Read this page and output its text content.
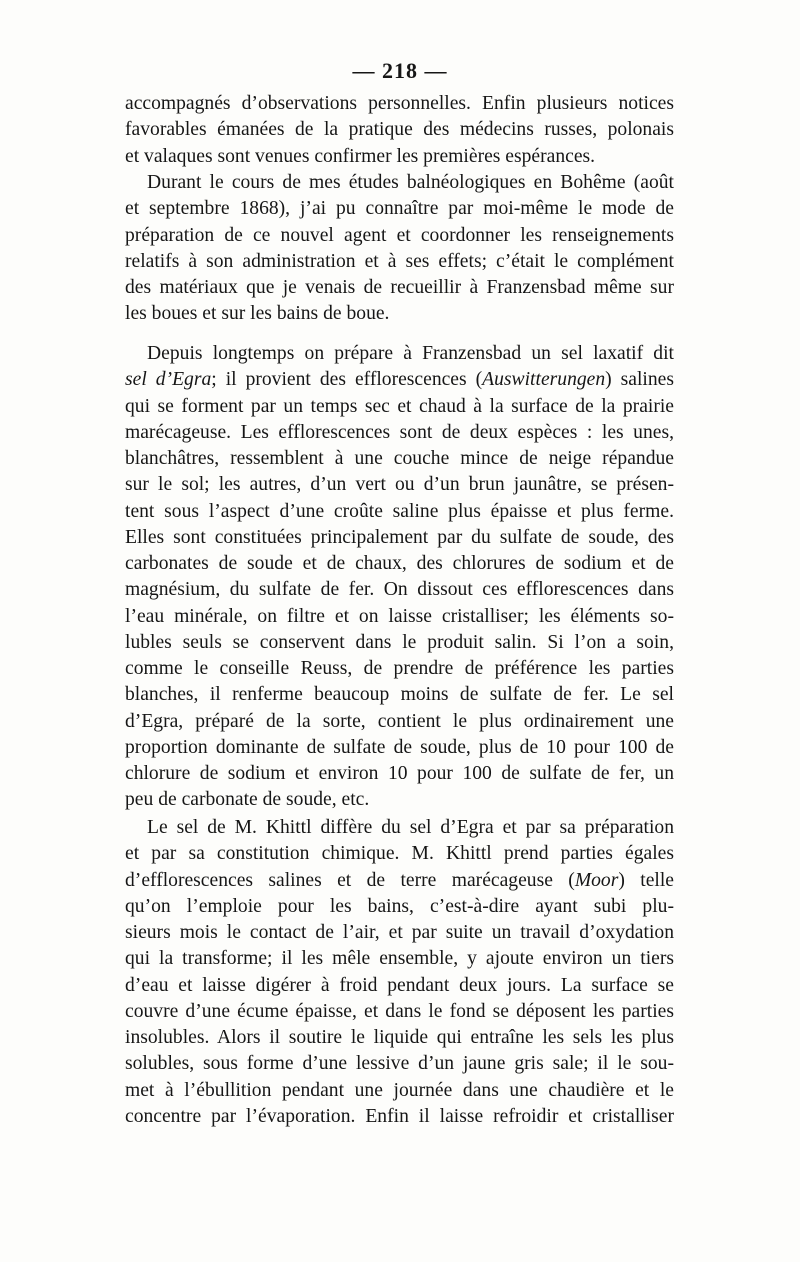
— 218 —
accompagnés d’observations personnelles. Enfin plusieurs notices
favorables émanées de la pratique des médecins russes, polonais
et valaques sont venues confirmer les premières espérances.
Durant le cours de mes études balnéologiques en Bohême (août
et septembre 1868), j’ai pu connaître par moi-même le mode de
préparation de ce nouvel agent et coordonner les renseignements
relatifs à son administration et à ses effets; c’était le complément
des matériaux que je venais de recueillir à Franzensbad même sur
les boues et sur les bains de boue.
Depuis longtemps on prépare à Franzensbad un sel laxatif dit
sel d’Egra; il provient des efflorescences (Auswitterungen) salines
qui se forment par un temps sec et chaud à la surface de la prairie
marécageuse. Les efflorescences sont de deux espèces : les unes,
blanchâtres, ressemblent à une couche mince de neige répandue
sur le sol; les autres, d’un vert ou d’un brun jaunâtre, se présen-
tent sous l’aspect d’une croûte saline plus épaisse et plus ferme.
Elles sont constituées principalement par du sulfate de soude, des
carbonates de soude et de chaux, des chlorures de sodium et de
magnésium, du sulfate de fer. On dissout ces efflorescences dans
l’eau minérale, on filtre et on laisse cristalliser; les éléments so-
lubles seuls se conservent dans le produit salin. Si l’on a soin,
comme le conseille Reuss, de prendre de préférence les parties
blanches, il renferme beaucoup moins de sulfate de fer. Le sel
d’Egra, préparé de la sorte, contient le plus ordinairement une
proportion dominante de sulfate de soude, plus de 10 pour 100 de
chlorure de sodium et environ 10 pour 100 de sulfate de fer, un
peu de carbonate de soude, etc.
Le sel de M. Khittl diffère du sel d’Egra et par sa préparation
et par sa constitution chimique. M. Khittl prend parties égales
d’efflorescences salines et de terre marécageuse (Moor) telle
qu’on l’emploie pour les bains, c’est-à-dire ayant subi plu-
sieurs mois le contact de l’air, et par suite un travail d’oxydation
qui la transforme; il les mêle ensemble, y ajoute environ un tiers
d’eau et laisse digérer à froid pendant deux jours. La surface se
couvre d’une écume épaisse, et dans le fond se déposent les parties
insolubles. Alors il soutire le liquide qui entraîne les sels les plus
solubles, sous forme d’une lessive d’un jaune gris sale; il le sou-
met à l’ébullition pendant une journée dans une chaudière et le
concentre par l’évaporation. Enfin il laisse refroidir et cristalliser
